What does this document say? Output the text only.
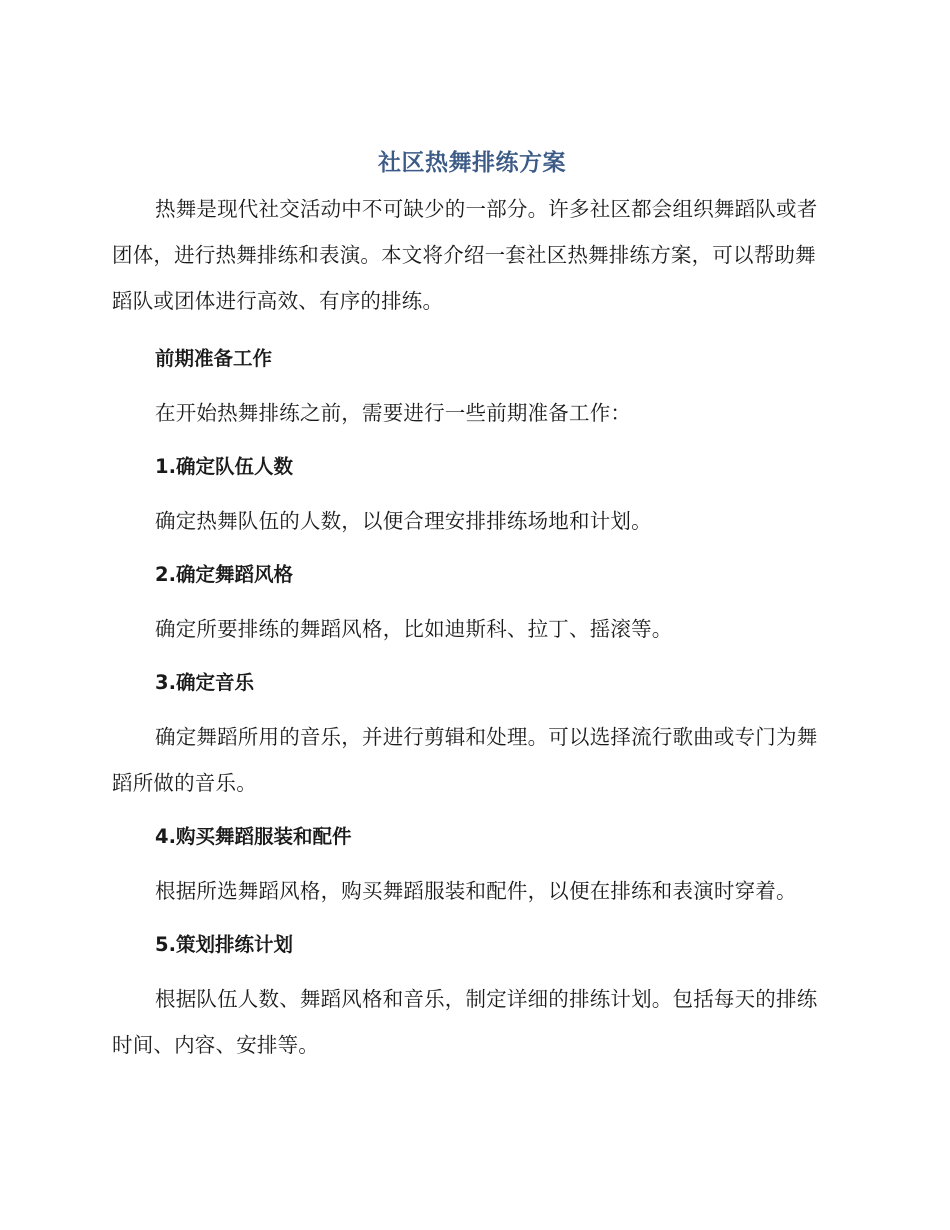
社区热舞排练方案

热舞是现代社交活动中不可缺少的一部分。许多社区都会组织舞蹈队或者团体，进行热舞排练和表演。本文将介绍一套社区热舞排练方案，可以帮助舞蹈队或团体进行高效、有序的排练。

前期准备工作

在开始热舞排练之前，需要进行一些前期准备工作：

1.确定队伍人数

确定热舞队伍的人数，以便合理安排排练场地和计划。

2.确定舞蹈风格

确定所要排练的舞蹈风格，比如迪斯科、拉丁、摇滚等。

3.确定音乐

确定舞蹈所用的音乐，并进行剪辑和处理。可以选择流行歌曲或专门为舞蹈所做的音乐。

4.购买舞蹈服装和配件

根据所选舞蹈风格，购买舞蹈服装和配件，以便在排练和表演时穿着。

5.策划排练计划

根据队伍人数、舞蹈风格和音乐，制定详细的排练计划。包括每天的排练时间、内容、安排等。
